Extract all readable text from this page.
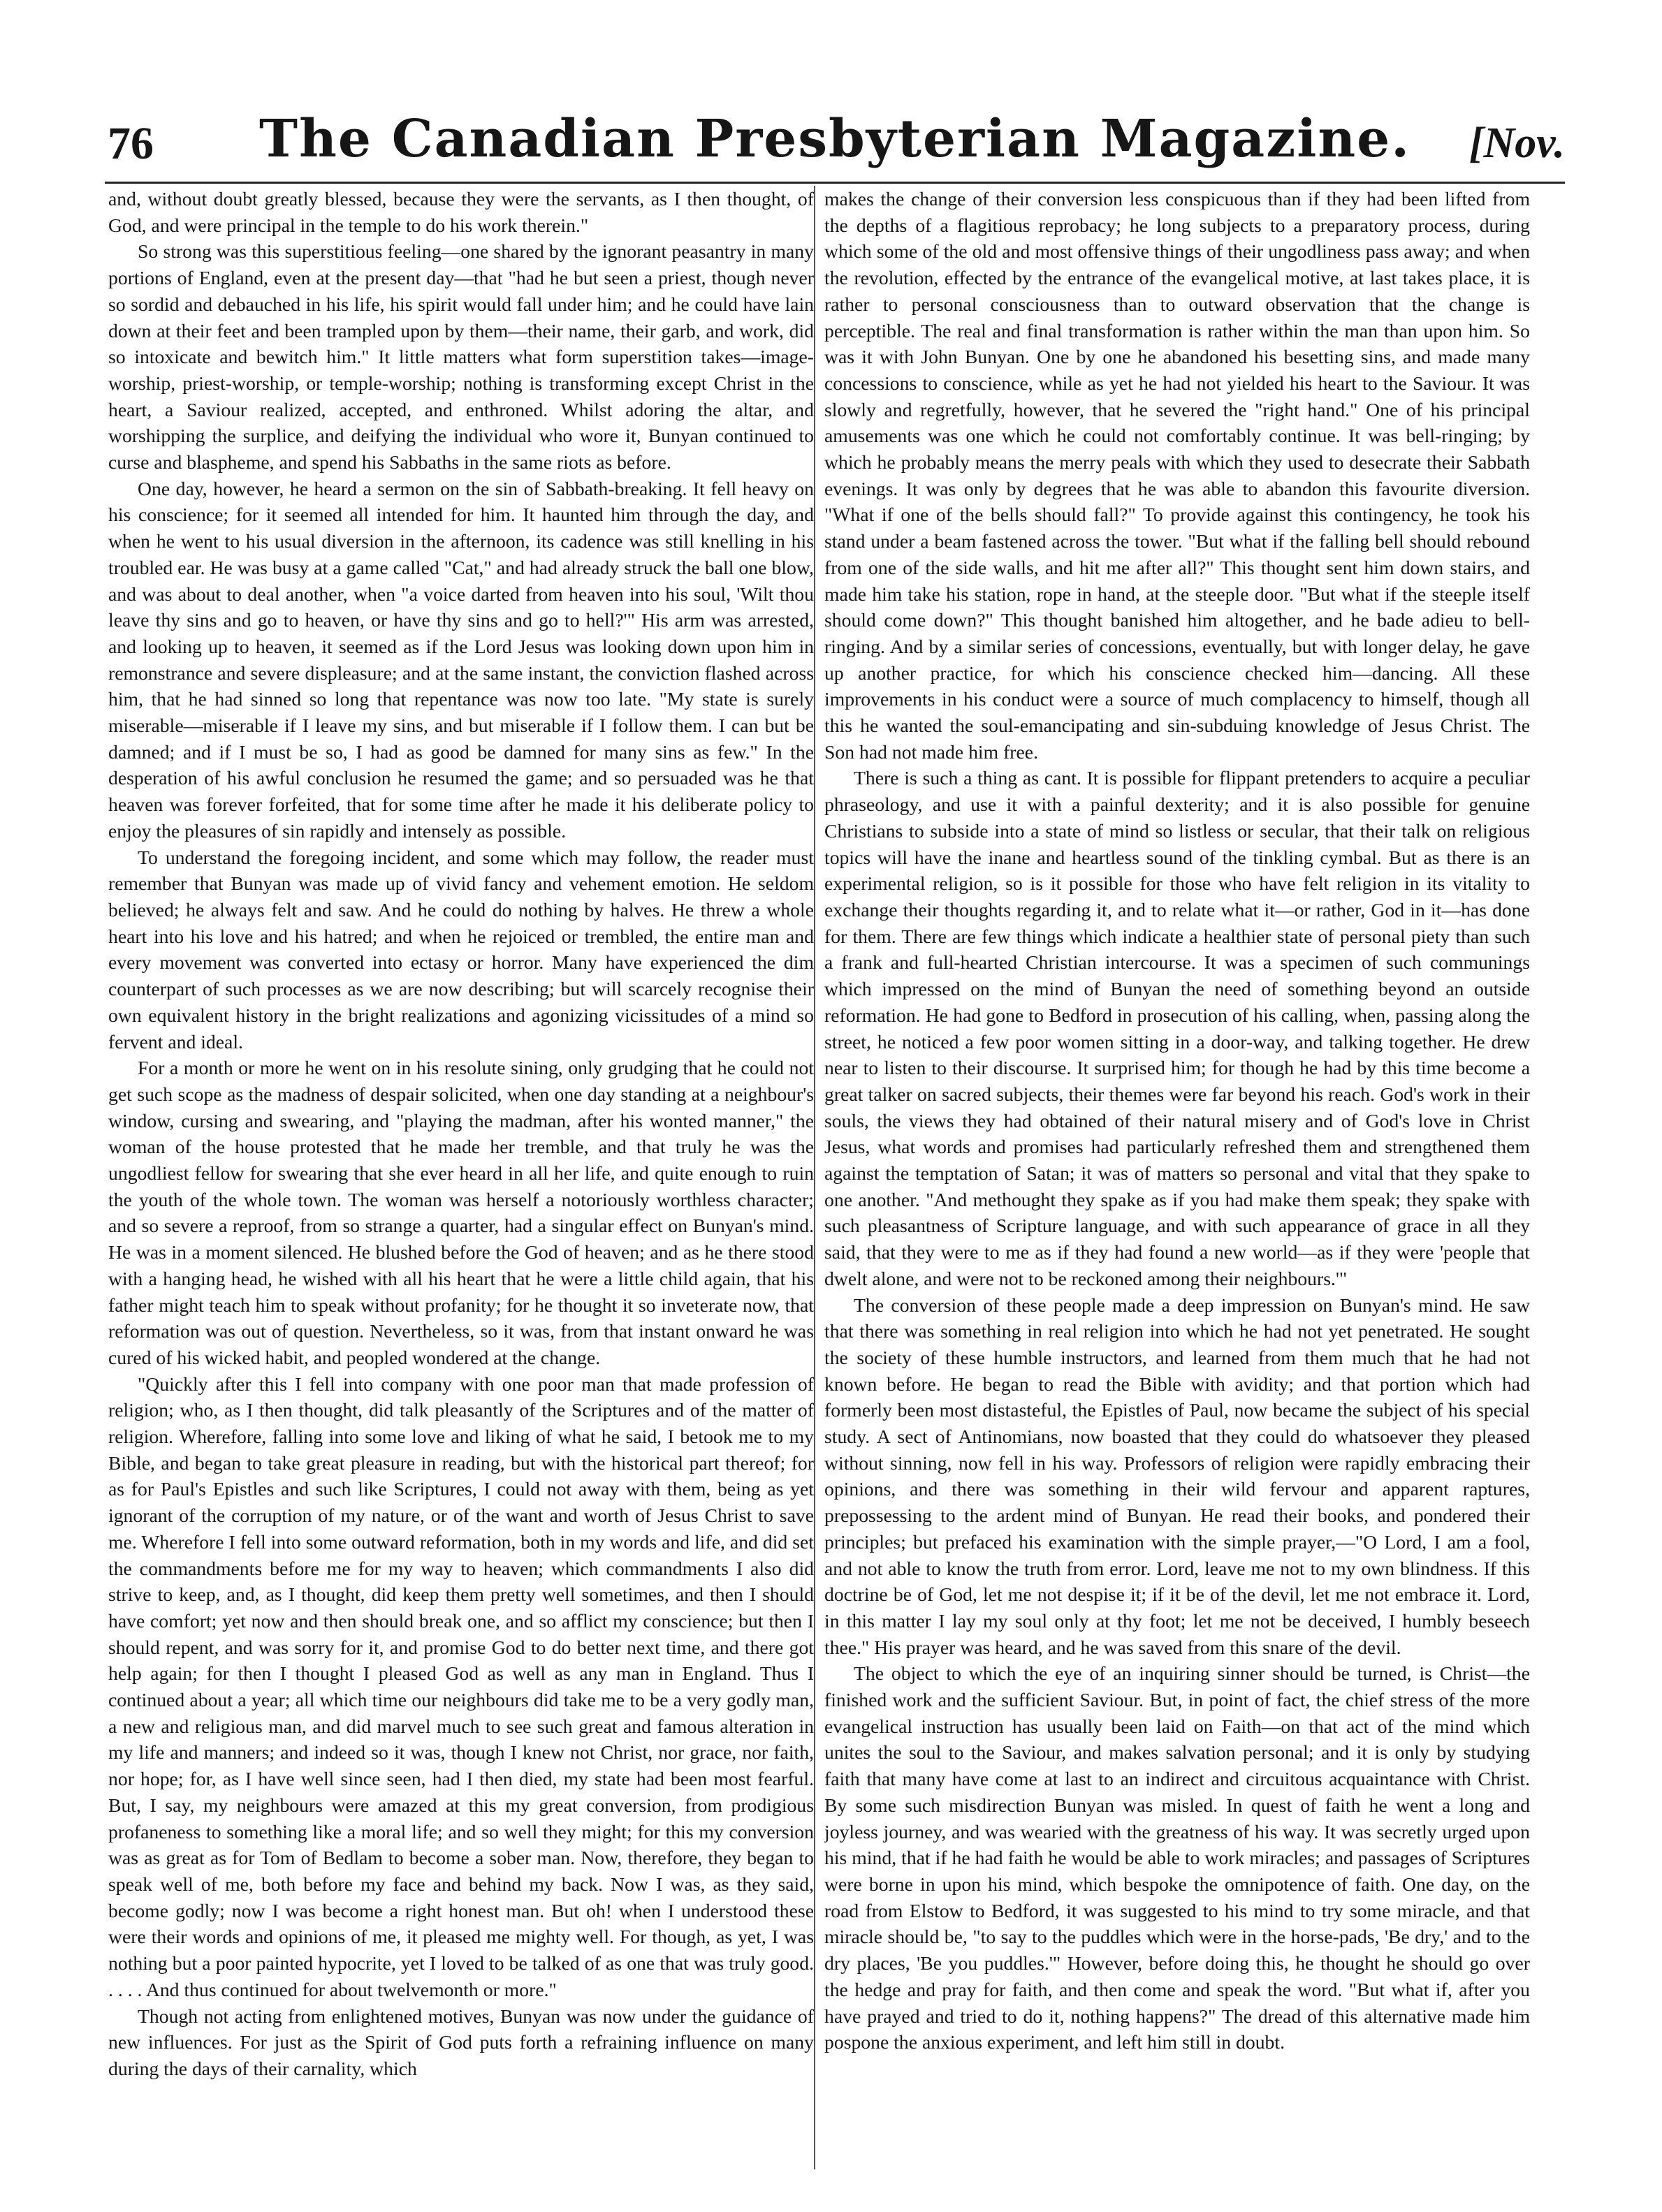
76	The Canadian Presbyterian Magazine.	[Nov.

and, without doubt greatly blessed, because they were the servants, as I then thought, of God, and were principal in the temple to do his work therein."

So strong was this superstitious feeling—one shared by the ignorant peasantry in many portions of England, even at the present day—that "had he but seen a priest, though never so sordid and debauched in his life, his spirit would fall under him; and he could have lain down at their feet and been trampled upon by them—their name, their garb, and work, did so intoxicate and bewitch him." It little matters what form superstition takes—image-worship, priest-worship, or temple-worship; nothing is transforming except Christ in the heart, a Saviour realized, accepted, and enthroned. Whilst adoring the altar, and worshipping the surplice, and deifying the individual who wore it, Bunyan continued to curse and blaspheme, and spend his Sabbaths in the same riots as before.

One day, however, he heard a sermon on the sin of Sabbath-breaking. It fell heavy on his conscience; for it seemed all intended for him. It haunted him through the day, and when he went to his usual diversion in the afternoon, its cadence was still knelling in his troubled ear. He was busy at a game called "Cat," and had already struck the ball one blow, and was about to deal another, when "a voice darted from heaven into his soul, 'Wilt thou leave thy sins and go to heaven, or have thy sins and go to hell?'" His arm was arrested, and looking up to heaven, it seemed as if the Lord Jesus was looking down upon him in remonstrance and severe displeasure; and at the same instant, the conviction flashed across him, that he had sinned so long that repentance was now too late. "My state is surely miserable—miserable if I leave my sins, and but miserable if I follow them. I can but be damned; and if I must be so, I had as good be damned for many sins as few." In the desperation of his awful conclusion he resumed the game; and so persuaded was he that heaven was forever forfeited, that for some time after he made it his deliberate policy to enjoy the pleasures of sin rapidly and intensely as possible.

To understand the foregoing incident, and some which may follow, the reader must remember that Bunyan was made up of vivid fancy and vehement emotion. He seldom believed; he always felt and saw. And he could do nothing by halves. He threw a whole heart into his love and his hatred; and when he rejoiced or trembled, the entire man and every movement was converted into ectasy or horror. Many have experienced the dim counterpart of such processes as we are now describing; but will scarcely recognise their own equivalent history in the bright realizations and agonizing vicissitudes of a mind so fervent and ideal.

For a month or more he went on in his resolute sining, only grudging that he could not get such scope as the madness of despair solicited, when one day standing at a neighbour's window, cursing and swearing, and "playing the madman, after his wonted manner," the woman of the house protested that he made her tremble, and that truly he was the ungodliest fellow for swearing that she ever heard in all her life, and quite enough to ruin the youth of the whole town. The woman was herself a notoriously worthless character; and so severe a reproof, from so strange a quarter, had a singular effect on Bunyan's mind. He was in a moment silenced. He blushed before the God of heaven; and as he there stood with a hanging head, he wished with all his heart that he were a little child again, that his father might teach him to speak without profanity; for he thought it so inveterate now, that reformation was out of question. Nevertheless, so it was, from that instant onward he was cured of his wicked habit, and peopled wondered at the change.

"Quickly after this I fell into company with one poor man that made profession of religion; who, as I then thought, did talk pleasantly of the Scriptures and of the matter of religion. Wherefore, falling into some love and liking of what he said, I betook me to my Bible, and began to take great pleasure in reading, but with the historical part thereof; for as for Paul's Epistles and such like Scriptures, I could not away with them, being as yet ignorant of the corruption of my nature, or of the want and worth of Jesus Christ to save me. Wherefore I fell into some outward reformation, both in my words and life, and did set the commandments before me for my way to heaven; which commandments I also did strive to keep, and, as I thought, did keep them pretty well sometimes, and then I should have comfort; yet now and then should break one, and so afflict my conscience; but then I should repent, and was sorry for it, and promise God to do better next time, and there got help again; for then I thought I pleased God as well as any man in England. Thus I continued about a year; all which time our neighbours did take me to be a very godly man, a new and religious man, and did marvel much to see such great and famous alteration in my life and manners; and indeed so it was, though I knew not Christ, nor grace, nor faith, nor hope; for, as I have well since seen, had I then died, my state had been most fearful. But, I say, my neighbours were amazed at this my great conversion, from prodigious profaneness to something like a moral life; and so well they might; for this my conversion was as great as for Tom of Bedlam to become a sober man. Now, therefore, they began to speak well of me, both before my face and behind my back. Now I was, as they said, become godly; now I was become a right honest man. But oh! when I understood these were their words and opinions of me, it pleased me mighty well. For though, as yet, I was nothing but a poor painted hypocrite, yet I loved to be talked of as one that was truly good. . . . . And thus continued for about twelvemonth or more."

Though not acting from enlightened motives, Bunyan was now under the guidance of new influences. For just as the Spirit of God puts forth a refraining influence on many during the days of their carnality, which

makes the change of their conversion less conspicuous than if they had been lifted from the depths of a flagitious reprobacy; he long subjects to a preparatory process, during which some of the old and most offensive things of their ungodliness pass away; and when the revolution, effected by the entrance of the evangelical motive, at last takes place, it is rather to personal consciousness than to outward observation that the change is perceptible. The real and final transformation is rather within the man than upon him. So was it with John Bunyan. One by one he abandoned his besetting sins, and made many concessions to conscience, while as yet he had not yielded his heart to the Saviour. It was slowly and regretfully, however, that he severed the "right hand." One of his principal amusements was one which he could not comfortably continue. It was bell-ringing; by which he probably means the merry peals with which they used to desecrate their Sabbath evenings. It was only by degrees that he was able to abandon this favourite diversion. "What if one of the bells should fall?" To provide against this contingency, he took his stand under a beam fastened across the tower. "But what if the falling bell should rebound from one of the side walls, and hit me after all?" This thought sent him down stairs, and made him take his station, rope in hand, at the steeple door. "But what if the steeple itself should come down?" This thought banished him altogether, and he bade adieu to bell-ringing. And by a similar series of concessions, eventually, but with longer delay, he gave up another practice, for which his conscience checked him—dancing. All these improvements in his conduct were a source of much complacency to himself, though all this he wanted the soul-emancipating and sin-subduing knowledge of Jesus Christ. The Son had not made him free.

There is such a thing as cant. It is possible for flippant pretenders to acquire a peculiar phraseology, and use it with a painful dexterity; and it is also possible for genuine Christians to subside into a state of mind so listless or secular, that their talk on religious topics will have the inane and heartless sound of the tinkling cymbal. But as there is an experimental religion, so is it possible for those who have felt religion in its vitality to exchange their thoughts regarding it, and to relate what it—or rather, God in it—has done for them. There are few things which indicate a healthier state of personal piety than such a frank and full-hearted Christian intercourse. It was a specimen of such communings which impressed on the mind of Bunyan the need of something beyond an outside reformation. He had gone to Bedford in prosecution of his calling, when, passing along the street, he noticed a few poor women sitting in a door-way, and talking together. He drew near to listen to their discourse. It surprised him; for though he had by this time become a great talker on sacred subjects, their themes were far beyond his reach. God's work in their souls, the views they had obtained of their natural misery and of God's love in Christ Jesus, what words and promises had particularly refreshed them and strengthened them against the temptation of Satan; it was of matters so personal and vital that they spake to one another. "And methought they spake as if you had make them speak; they spake with such pleasantness of Scripture language, and with such appearance of grace in all they said, that they were to me as if they had found a new world—as if they were 'people that dwelt alone, and were not to be reckoned among their neighbours.'"

The conversion of these people made a deep impression on Bunyan's mind. He saw that there was something in real religion into which he had not yet penetrated. He sought the society of these humble instructors, and learned from them much that he had not known before. He began to read the Bible with avidity; and that portion which had formerly been most distasteful, the Epistles of Paul, now became the subject of his special study. A sect of Antinomians, now boasted that they could do whatsoever they pleased without sinning, now fell in his way. Professors of religion were rapidly embracing their opinions, and there was something in their wild fervour and apparent raptures, prepossessing to the ardent mind of Bunyan. He read their books, and pondered their principles; but prefaced his examination with the simple prayer,—"O Lord, I am a fool, and not able to know the truth from error. Lord, leave me not to my own blindness. If this doctrine be of God, let me not despise it; if it be of the devil, let me not embrace it. Lord, in this matter I lay my soul only at thy foot; let me not be deceived, I humbly beseech thee." His prayer was heard, and he was saved from this snare of the devil.

The object to which the eye of an inquiring sinner should be turned, is Christ—the finished work and the sufficient Saviour. But, in point of fact, the chief stress of the more evangelical instruction has usually been laid on Faith—on that act of the mind which unites the soul to the Saviour, and makes salvation personal; and it is only by studying faith that many have come at last to an indirect and circuitous acquaintance with Christ. By some such misdirection Bunyan was misled. In quest of faith he went a long and joyless journey, and was wearied with the greatness of his way. It was secretly urged upon his mind, that if he had faith he would be able to work miracles; and passages of Scriptures were borne in upon his mind, which bespoke the omnipotence of faith. One day, on the road from Elstow to Bedford, it was suggested to his mind to try some miracle, and that miracle should be, "to say to the puddles which were in the horse-pads, 'Be dry,' and to the dry places, 'Be you puddles.'" However, before doing this, he thought he should go over the hedge and pray for faith, and then come and speak the word. "But what if, after you have prayed and tried to do it, nothing happens?" The dread of this alternative made him pospone the anxious experiment, and left him still in doubt.
